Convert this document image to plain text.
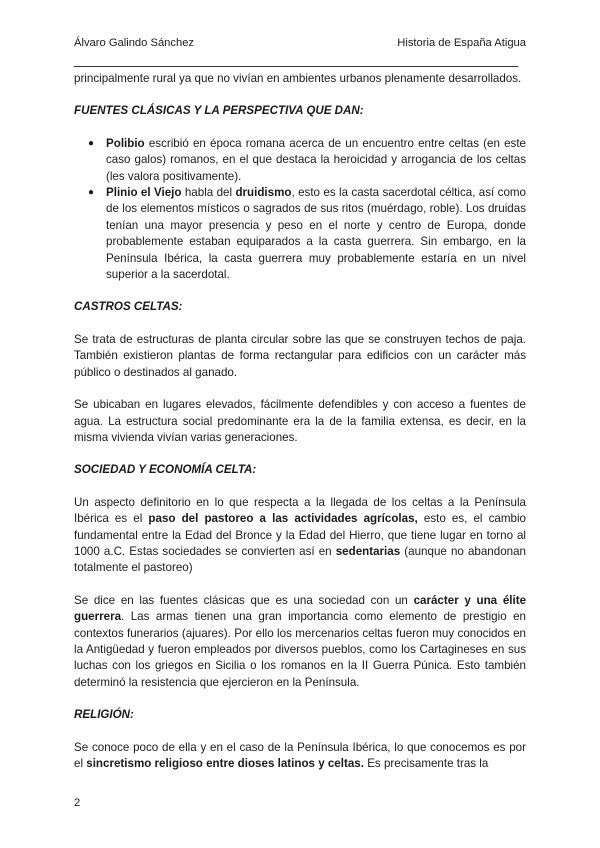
Álvaro Galindo Sánchez	Historia de España Atigua

principalmente rural ya que no vivían en ambientes urbanos plenamente desarrollados.

FUENTES CLÁSICAS Y LA PERSPECTIVA QUE DAN:

● Polibio escribió en época romana acerca de un encuentro entre celtas (en este caso galos) romanos, en el que destaca la heroicidad y arrogancia de los celtas (les valora positivamente).
● Plinio el Viejo habla del druidismo, esto es la casta sacerdotal céltica, así como de los elementos místicos o sagrados de sus ritos (muérdago, roble). Los druidas tenían una mayor presencia y peso en el norte y centro de Europa, donde probablemente estaban equiparados a la casta guerrera. Sin embargo, en la Península Ibérica, la casta guerrera muy probablemente estaría en un nivel superior a la sacerdotal.

CASTROS CELTAS:

Se trata de estructuras de planta circular sobre las que se construyen techos de paja. También existieron plantas de forma rectangular para edificios con un carácter más público o destinados al ganado.

Se ubicaban en lugares elevados, fácilmente defendibles y con acceso a fuentes de agua. La estructura social predominante era la de la familia extensa, es decir, en la misma vivienda vivían varias generaciones.

SOCIEDAD Y ECONOMÍA CELTA:

Un aspecto definitorio en lo que respecta a la llegada de los celtas a la Península Ibérica es el paso del pastoreo a las actividades agrícolas, esto es, el cambio fundamental entre la Edad del Bronce y la Edad del Hierro, que tiene lugar en torno al 1000 a.C. Estas sociedades se convierten así en sedentarias (aunque no abandonan totalmente el pastoreo)

Se dice en las fuentes clásicas que es una sociedad con un carácter y una élite guerrera. Las armas tienen una gran importancia como elemento de prestigio en contextos funerarios (ajuares). Por ello los mercenarios celtas fueron muy conocidos en la Antigüedad y fueron empleados por diversos pueblos, como los Cartagineses en sus luchas con los griegos en Sicilia o los romanos en la II Guerra Púnica. Esto también determinó la resistencia que ejercieron en la Península.

RELIGIÓN:

Se conoce poco de ella y en el caso de la Península Ibérica, lo que conocemos es por el sincretismo religioso entre dioses latinos y celtas. Es precisamente tras la

2
